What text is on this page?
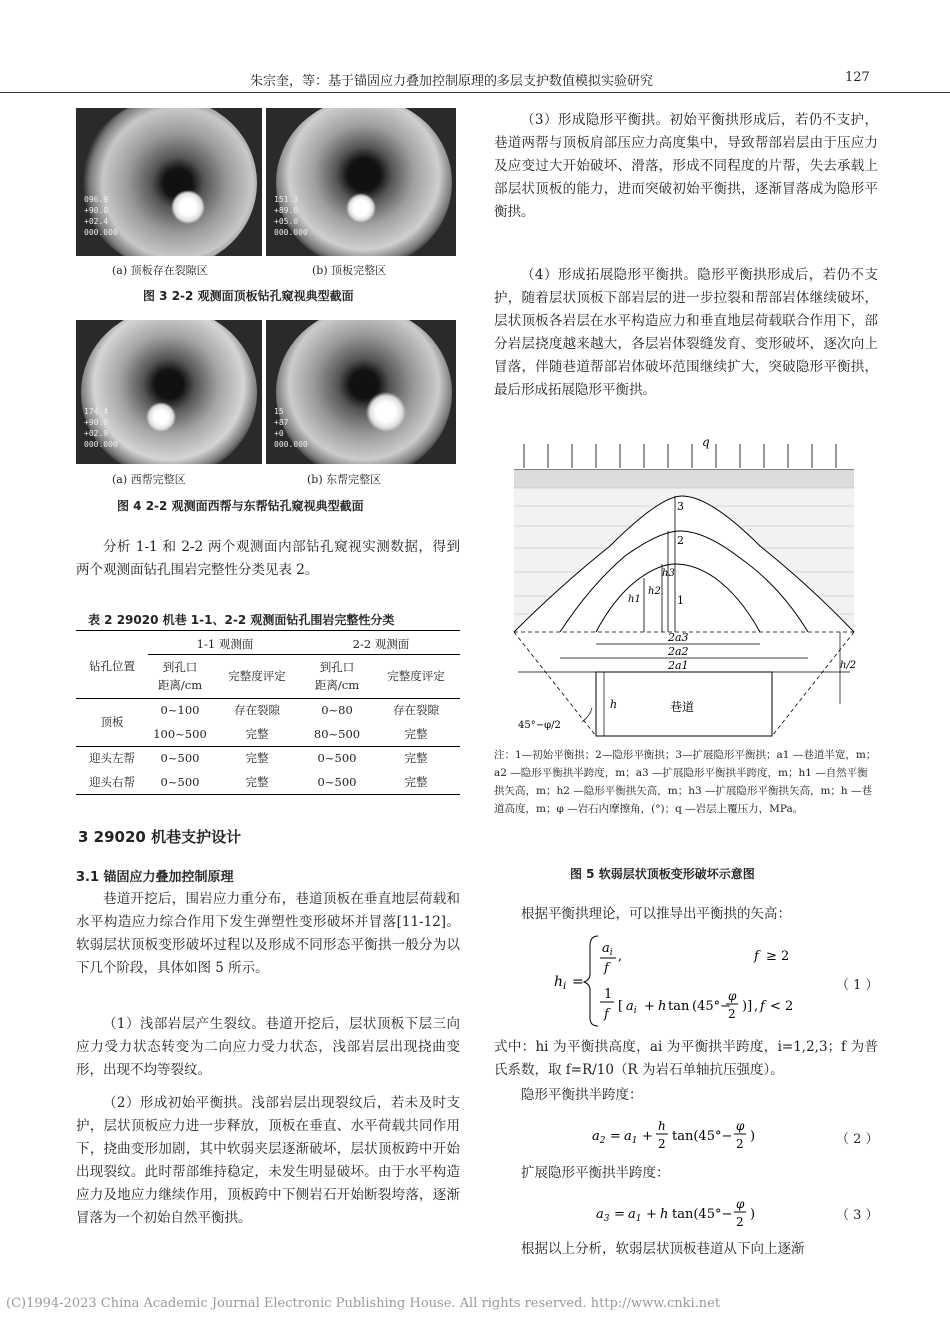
朱宗奎，等：基于锚固应力叠加控制原理的多层支护数值模拟实验研究	127
096.9
+90.0
+02.4
000.000
151.3
+89.6
+05.0
000.000
(a) 顶板存在裂隙区	(b) 顶板完整区
图 3 2-2 观测面顶板钻孔窥视典型截面
174.4
+90.0
+02.9
000.000
15
+87
+0
000.000
(a) 西帮完整区	(b) 东帮完整区
图 4 2-2 观测面西帮与东帮钻孔窥视典型截面

分析 1-1 和 2-2 两个观测面内部钻孔窥视实测数据，得到两个观测面钻孔围岩完整性分类见表 2。

表 2 29020 机巷 1-1、2-2 观测面钻孔围岩完整性分类
钻孔位置	1-1 观测面		2-2 观测面	
	到孔口
距离/cm	完整度评定	到孔口
距离/cm	完整度评定
顶板	0~100	存在裂隙	0~80	存在裂隙
	100~500	完整	80~500	完整
迎头左帮	0~500	完整	0~500	完整
迎头右帮	0~500	完整	0~500	完整
3 29020 机巷支护设计
3.1 锚固应力叠加控制原理

巷道开挖后，围岩应力重分布，巷道顶板在垂直地层荷载和水平构造应力综合作用下发生弹塑性变形破坏并冒落[11-12]。软弱层状顶板变形破坏过程以及形成不同形态平衡拱一般分为以下几个阶段，具体如图 5 所示。

（1）浅部岩层产生裂纹。巷道开挖后，层状顶板下层三向应力受力状态转变为二向应力受力状态，浅部岩层出现挠曲变形，出现不均等裂纹。

（2）形成初始平衡拱。浅部岩层出现裂纹后，若未及时支护，层状顶板应力进一步释放，顶板在垂直、水平荷载共同作用下，挠曲变形加剧，其中软弱夹层逐渐破坏，层状顶板跨中开始出现裂纹。此时帮部维持稳定，未发生明显破坏。由于水平构造应力及地应力继续作用，顶板跨中下侧岩石开始断裂垮落，逐渐冒落为一个初始自然平衡拱。

（3）形成隐形平衡拱。初始平衡拱形成后，若仍不支护，巷道两帮与顶板肩部压应力高度集中，导致帮部岩层由于压应力及应变过大开始破坏、滑落，形成不同程度的片帮，失去承载上部层状顶板的能力，进而突破初始平衡拱，逐渐冒落成为隐形平衡拱。

（4）形成拓展隐形平衡拱。隐形平衡拱形成后，若仍不支护，随着层状顶板下部岩层的进一步拉裂和帮部岩体继续破坏，层状顶板各岩层在水平构造应力和垂直地层荷载联合作用下，部分岩层挠度越来越大，各层岩体裂缝发育、变形破坏，逐次向上冒落，伴随巷道帮部岩体破坏范围继续扩大，突破隐形平衡拱，最后形成拓展隐形平衡拱。

q
3
2
1
h3
h2
h1
2a3
2a2
2a1
巷道
h
h/2
45°−φ/2
注：1—初始平衡拱；2—隐形平衡拱；3—扩展隐形平衡拱；a1 —巷道半宽，m；a2 —隐形平衡拱半跨度，m；a3 —扩展隐形平衡拱半跨度，m；h1 —自然平衡拱矢高，m；h2 —隐形平衡拱矢高，m；h3 —扩展隐形平衡拱矢高，m；h —巷道高度，m；φ —岩石内摩擦角，(°)；q —岩层上覆压力，MPa。
图 5 软弱层状顶板变形破坏示意图

根据平衡拱理论，可以推导出平衡拱的矢高：

$h_i$ =
$a_i$
f
,	f ≥ 2
1
f
[ $a_i + h$ tan (45°−
φ
2 )] , f < 2
（ 1 ）

式中：hi 为平衡拱高度，ai 为平衡拱半跨度，i=1,2,3；f 为普氏系数，取 f=R/10（R 为岩石单轴抗压强度）。

隐形平衡拱半跨度：

$a_2 = a_1$ +
h
2 tan(45°−
φ
2 )	（ 2 ）

扩展隐形平衡拱半跨度：

$a_3 = a_1 + h$ tan(45°−
φ
2 )	（ 3 ）

根据以上分析，软弱层状顶板巷道从下向上逐渐

(C)1994-2023 China Academic Journal Electronic Publishing House. All rights reserved. http://www.cnki.net
